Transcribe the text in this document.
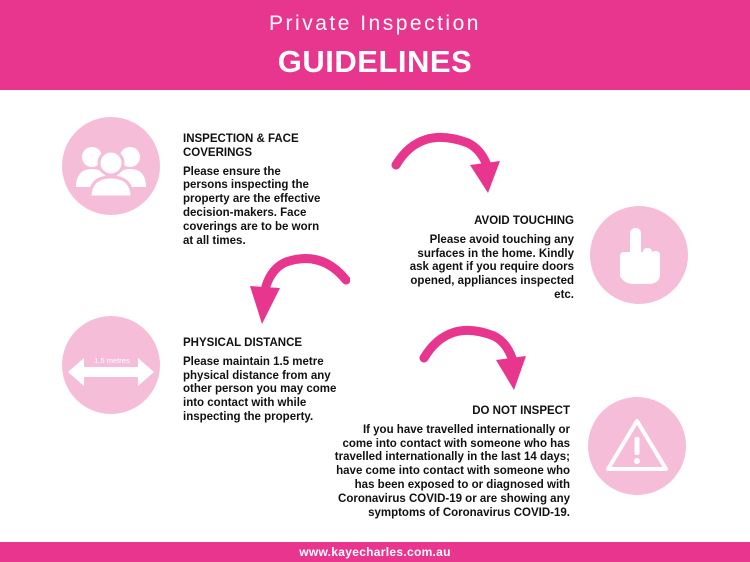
Private Inspection
GUIDELINES
INSPECTION & FACE COVERINGS
Please ensure the persons inspecting the property are the effective decision-makers. Face coverings are to be worn at all times.
AVOID TOUCHING
Please avoid touching any surfaces in the home. Kindly ask agent if you require doors opened, appliances inspected etc.
1.5 metres
PHYSICAL DISTANCE
Please maintain 1.5 metre physical distance from any other person you may come into contact with while inspecting the property.	DO NOT INSPECT
If you have travelled internationally or come into contact with someone who has travelled internationally in the last 14 days; have come into contact with someone who has been exposed to or diagnosed with Coronavirus COVID-19 or are showing any symptoms of Coronavirus COVID-19.
www.kayecharles.com.au
